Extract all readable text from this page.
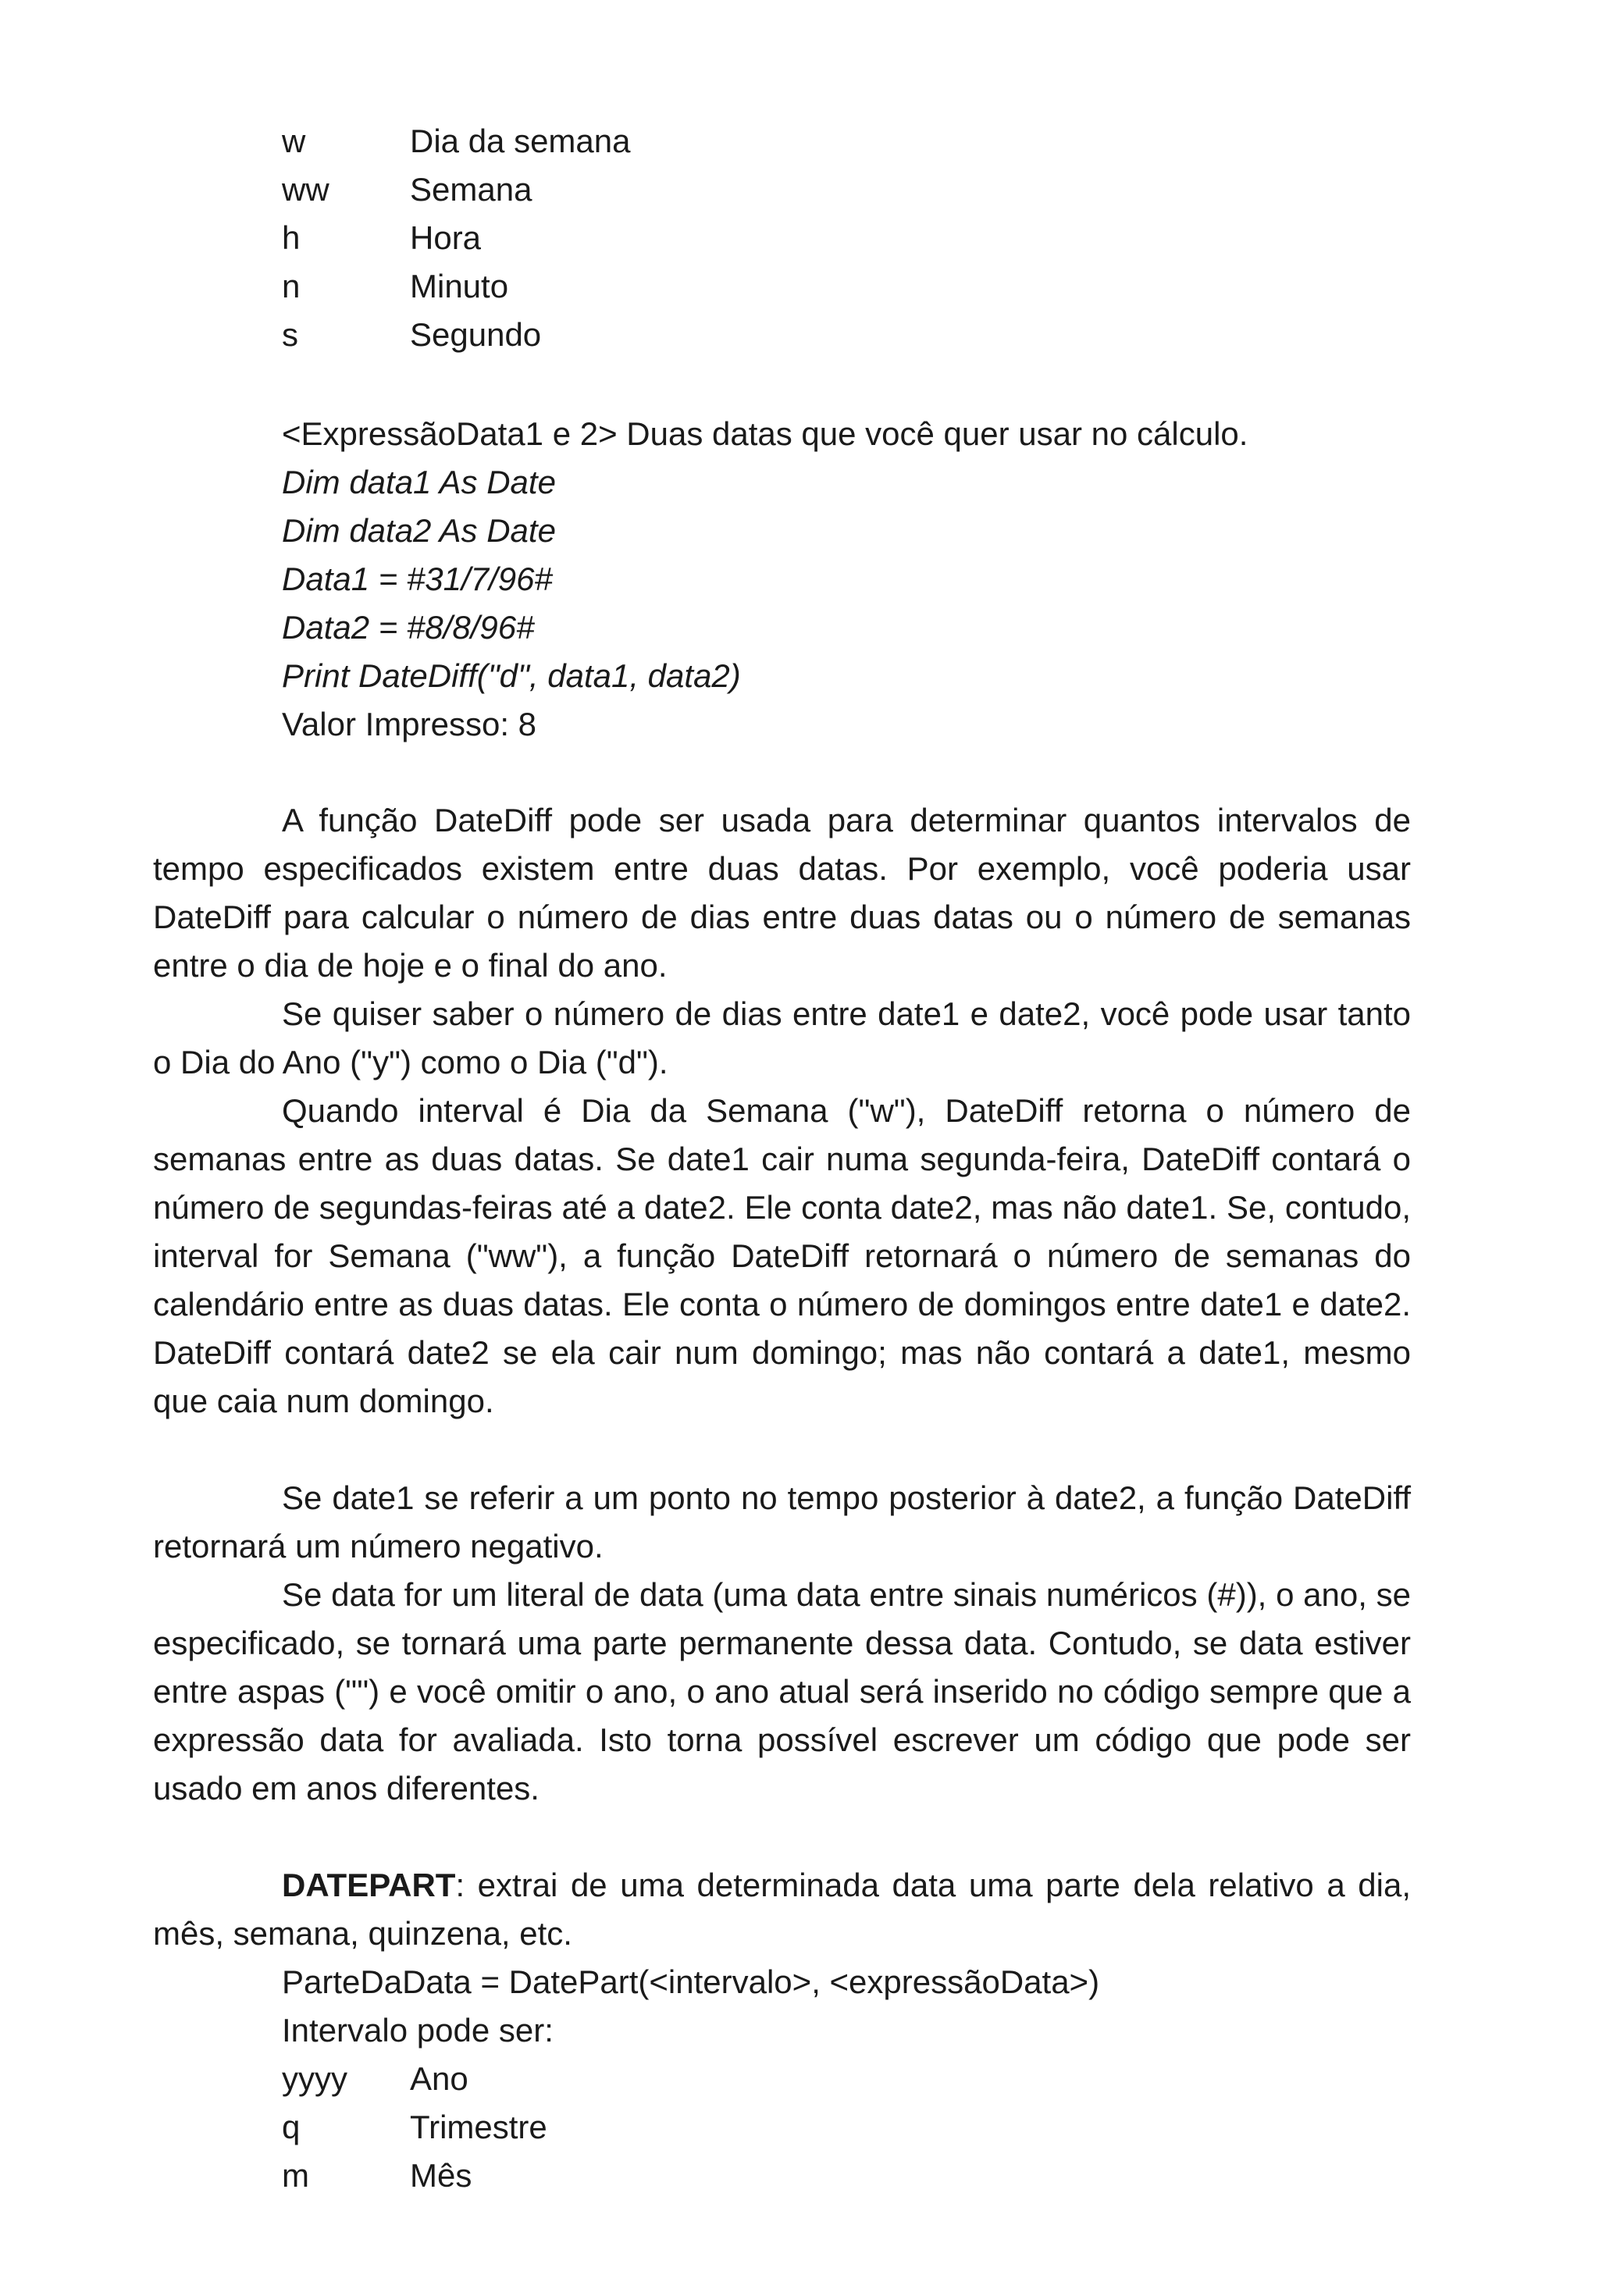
w	Dia da semana
ww Semana
h	Hora
n	Minuto
s	Segundo
<ExpressãoData1 e 2> Duas datas que você quer usar no cálculo.
Dim data1 As Date
Dim data2 As Date
Data1 = #31/7/96#
Data2 = #8/8/96#
Print DateDiff("d", data1, data2)
Valor Impresso: 8

A função DateDiff pode ser usada para determinar quantos intervalos de tempo especificados existem entre duas datas. Por exemplo, você poderia usar DateDiff para calcular o número de dias entre duas datas ou o número de semanas entre o dia de hoje e o final do ano.

Se quiser saber o número de dias entre date1 e date2, você pode usar tanto o Dia do Ano ("y") como o Dia ("d").

Quando interval é Dia da Semana ("w"), DateDiff retorna o número de semanas entre as duas datas. Se date1 cair numa segunda-feira, DateDiff contará o número de segundas-feiras até a date2. Ele conta date2, mas não date1. Se, contudo, interval for Semana ("ww"), a função DateDiff retornará o número de semanas do calendário entre as duas datas. Ele conta o número de domingos entre date1 e date2. DateDiff contará date2 se ela cair num domingo; mas não contará a date1, mesmo que caia num domingo.

Se date1 se referir a um ponto no tempo posterior à date2, a função DateDiff retornará um número negativo.

Se data for um literal de data (uma data entre sinais numéricos (#)), o ano, se especificado, se tornará uma parte permanente dessa data. Contudo, se data estiver entre aspas ("") e você omitir o ano, o ano atual será inserido no código sempre que a expressão data for avaliada. Isto torna possível escrever um código que pode ser usado em anos diferentes.

DATEPART: extrai de uma determinada data uma parte dela relativo a dia, mês, semana, quinzena, etc.

ParteDaData = DatePart(<intervalo>, <expressãoData>)
Intervalo pode ser:
yyyy Ano
q	Trimestre
m	Mês
